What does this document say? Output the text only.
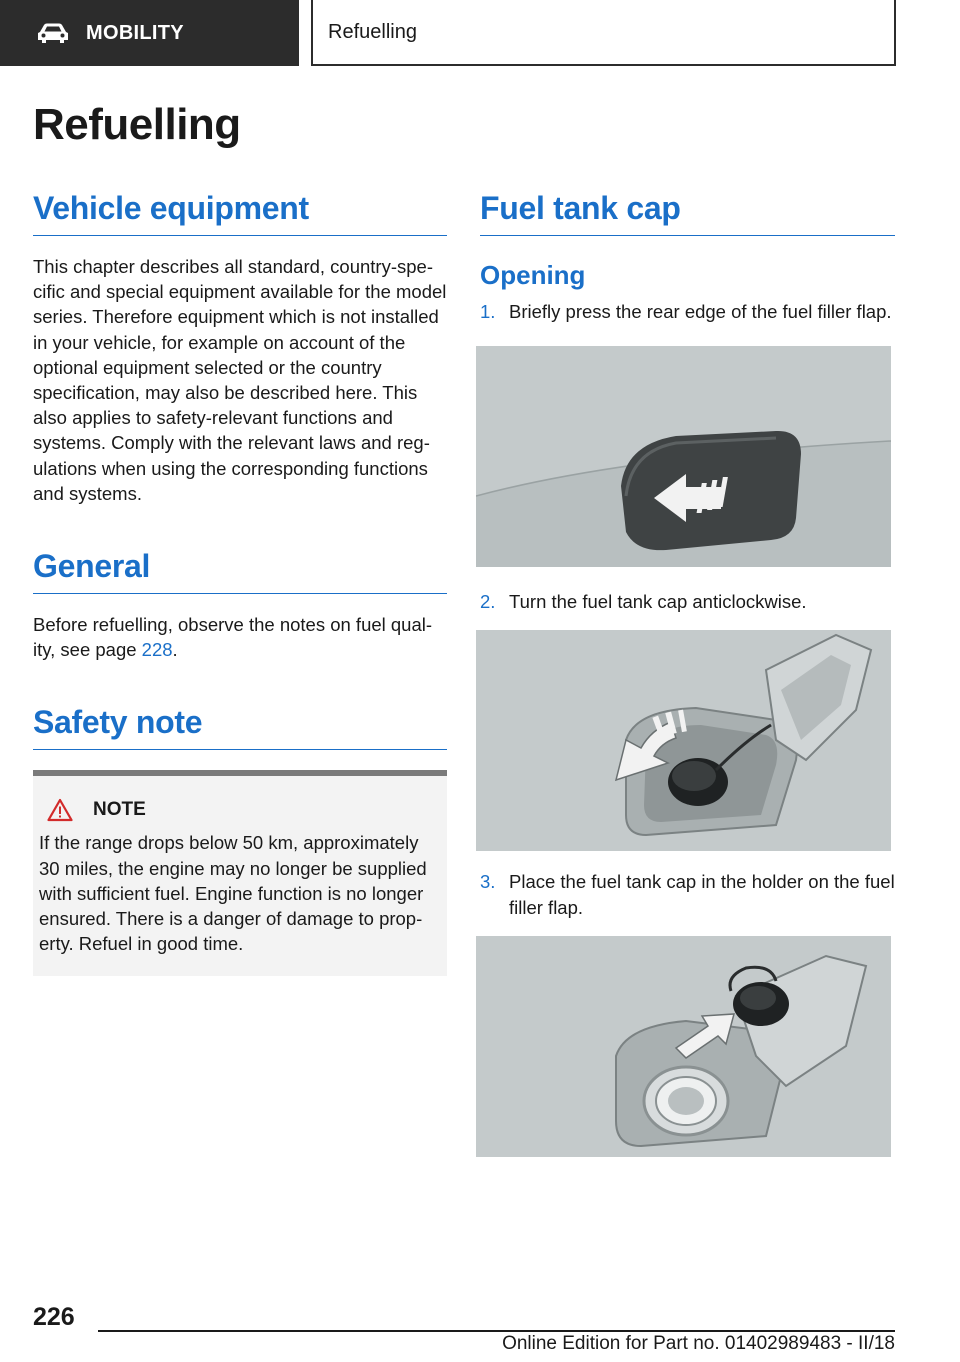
MOBILITY	Refuelling
Refuelling
Vehicle equipment

This chapter describes all standard, country-specific and special equipment available for the model series. Therefore equipment which is not installed in your vehicle, for example on account of the optional equipment selected or the country specification, may also be described here. This also applies to safety-relevant functions and systems. Comply with the relevant laws and regulations when using the corresponding functions and systems.

General

Before refuelling, observe the notes on fuel quality, see page 228.

Safety note
NOTE

If the range drops below 50 km, approximately 30 miles, the engine may no longer be supplied with sufficient fuel. Engine function is no longer ensured. There is a danger of damage to property. Refuel in good time.

Fuel tank cap
Opening
1. Briefly press the rear edge of the fuel filler flap.
2. Turn the fuel tank cap anticlockwise.
3. Place the fuel tank cap in the holder on the fuel filler flap.
226
Online Edition for Part no. 01402989483 - II/18
